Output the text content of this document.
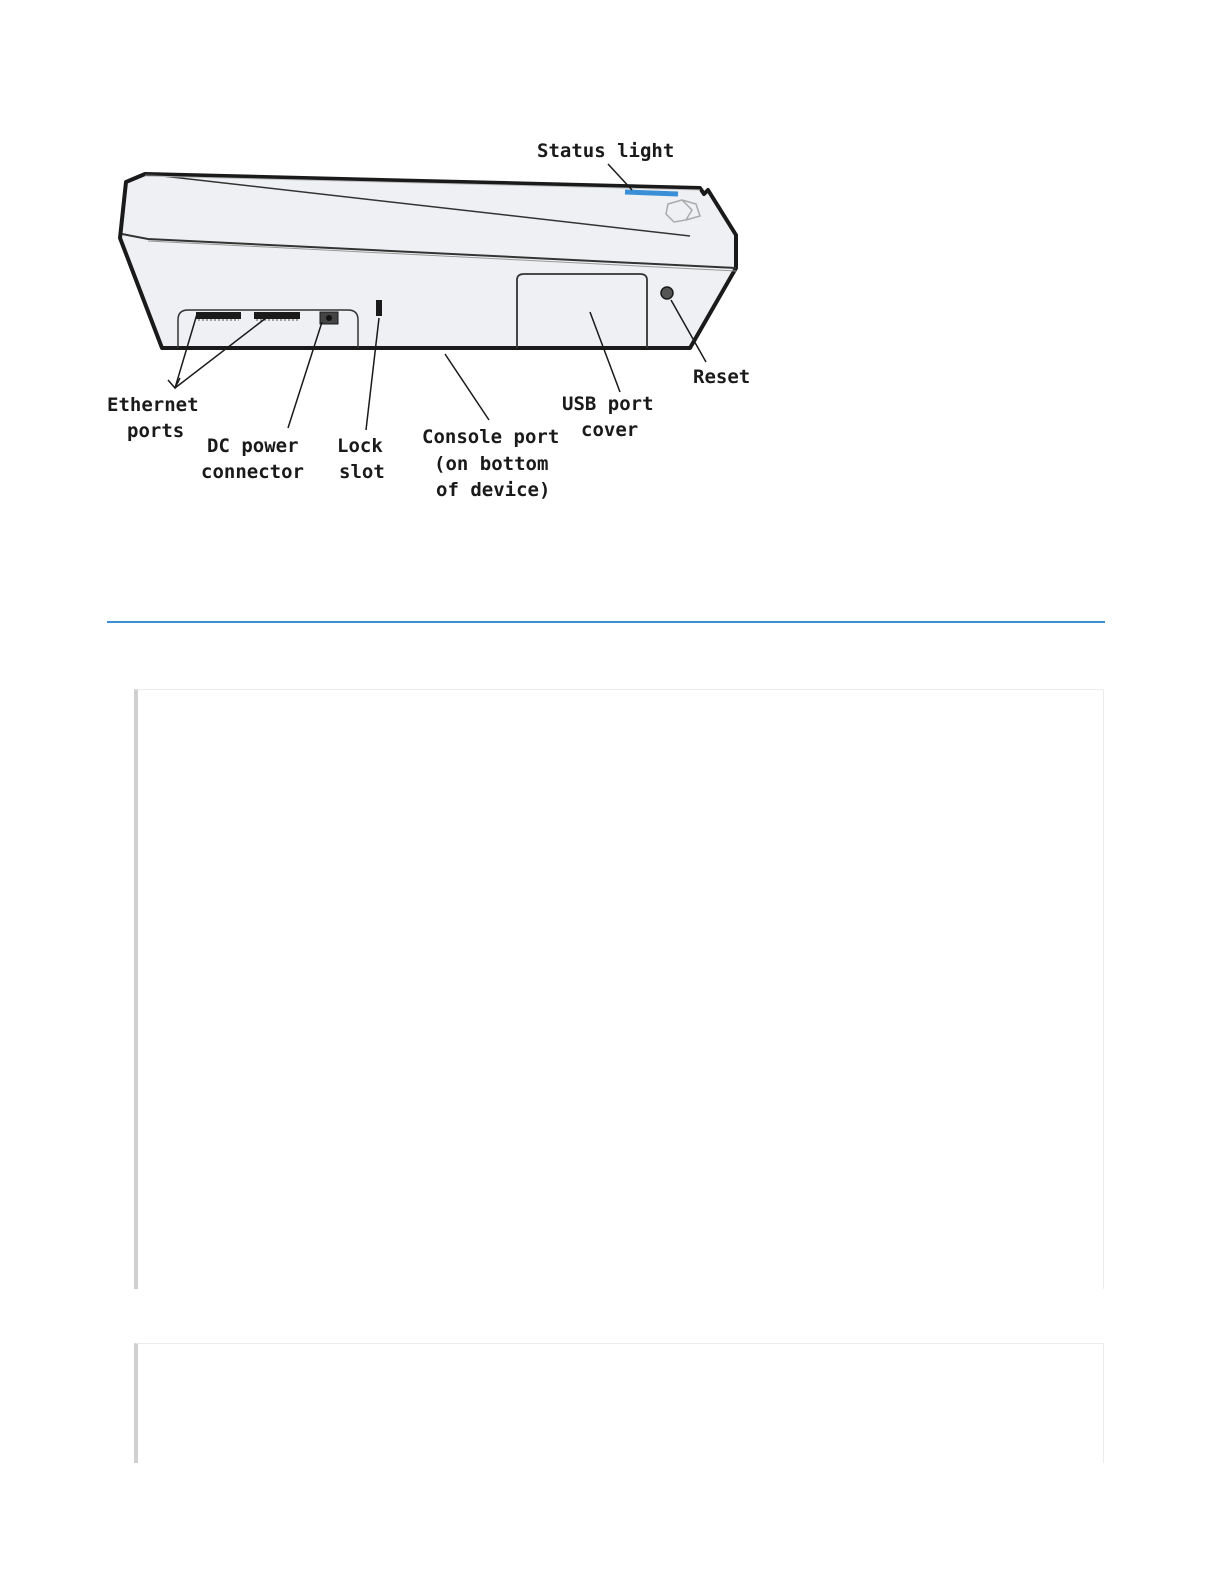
Status light
Reset
Ethernet
ports
DC power
connector
Lock
slot
Console port
(on bottom
of device)
USB port
cover
